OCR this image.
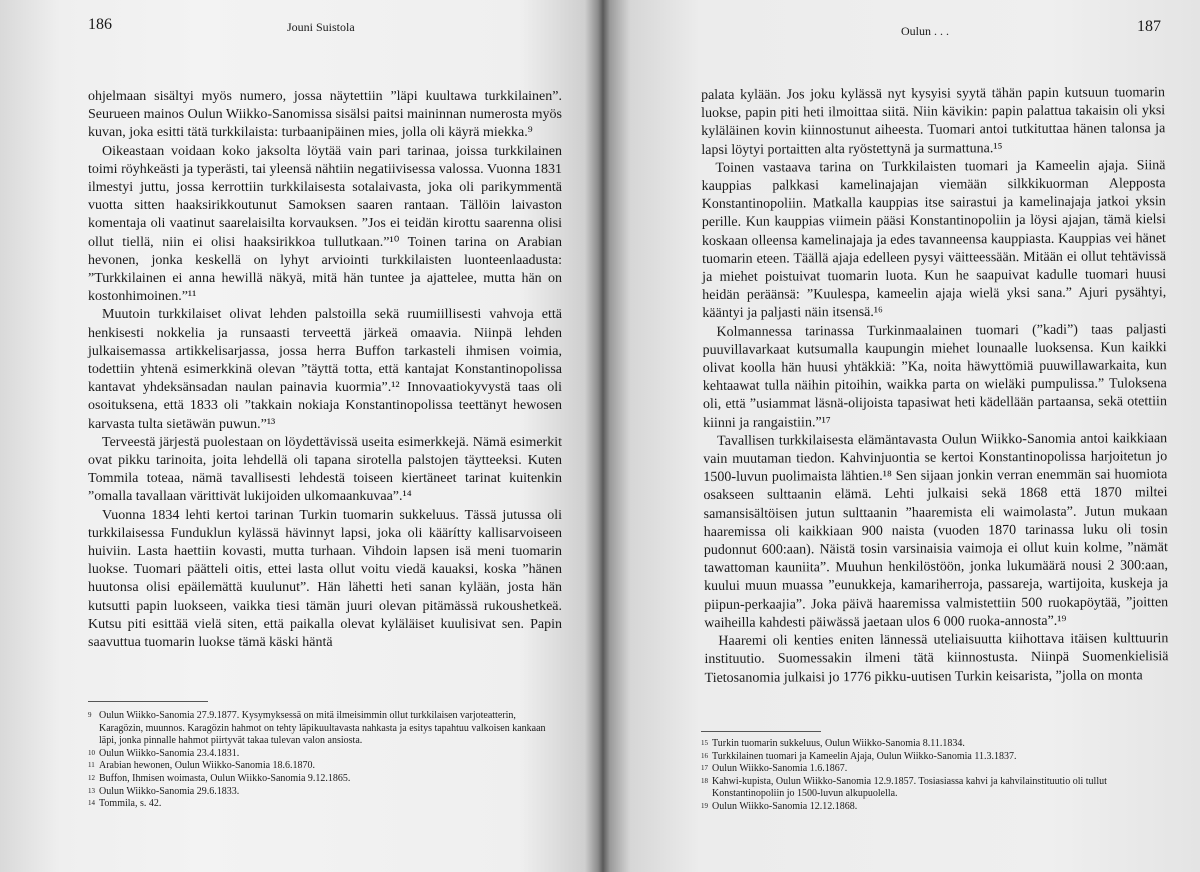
186	Jouni Suistola

ohjelmaan sisältyi myös numero, jossa näytettiin ”läpi kuultawa turkkilainen”. Seurueen mainos Oulun Wiikko-Sanomissa sisälsi paitsi maininnan numerosta myös kuvan, joka esitti tätä turkkilaista: turbaanipäinen mies, jolla oli käyrä miekka.⁹

Oikeastaan voidaan koko jaksolta löytää vain pari tarinaa, joissa turkkilainen toimi röyhkeästi ja typerästi, tai yleensä nähtiin negatiivisessa valossa. Vuonna 1831 ilmestyi juttu, jossa kerrottiin turkkilaisesta sotalaivasta, joka oli parikymmentä vuotta sitten haaksirikkoutunut Samoksen saaren rantaan. Tällöin laivaston komentaja oli vaatinut saarelaisilta korvauksen. ”Jos ei teidän kirottu saarenna olisi ollut tiellä, niin ei olisi haaksirikkoa tullutkaan.”¹⁰ Toinen tarina on Arabian hevonen, jonka keskellä on lyhyt arviointi turkkilaisten luonteenlaadusta: ”Turkkilainen ei anna hewillä näkyä, mitä hän tuntee ja ajattelee, mutta hän on kostonhimoinen.”¹¹

Muutoin turkkilaiset olivat lehden palstoilla sekä ruumiillisesti vahvoja että henkisesti nokkelia ja runsaasti terveettä järkeä omaavia. Niinpä lehden julkaisemassa artikkelisarjassa, jossa herra Buffon tarkasteli ihmisen voimia, todettiin yhtenä esimerkkinä olevan ”täyttä totta, että kantajat Konstantinopolissa kantavat yhdeksänsadan naulan painavia kuormia”.¹² Innovaatiokyvystä taas oli osoituksena, että 1833 oli ”takkain nokiaja Konstantinopolissa teettänyt hewosen karvasta tulta sietäwän puwun.”¹³

Terveestä järjestä puolestaan on löydettävissä useita esimerkkejä. Nämä esimerkit ovat pikku tarinoita, joita lehdellä oli tapana sirotella palstojen täytteeksi. Kuten Tommila toteaa, nämä tavallisesti lehdestä toiseen kiertäneet tarinat kuitenkin ”omalla tavallaan värittivät lukijoiden ulkomaankuvaa”.¹⁴

Vuonna 1834 lehti kertoi tarinan Turkin tuomarin sukkeluus. Tässä jutussa oli turkkilaisessa Funduklun kylässä hävinnyt lapsi, joka oli käärítty kallisarvoiseen huiviin. Lasta haettiin kovasti, mutta turhaan. Vihdoin lapsen isä meni tuomarin luokse. Tuomari päätteli oitis, ettei lasta ollut voitu viedä kauaksi, koska ”hänen huutonsa olisi epäilemättä kuulunut”. Hän lähetti heti sanan kylään, josta hän kutsutti papin luokseen, vaikka tiesi tämän juuri olevan pitämässä rukoushetkeä. Kutsu piti esittää vielä siten, että paikalla olevat kyläläiset kuulisivat sen. Papin saavuttua tuomarin luokse tämä käski häntä

9 Oulun Wiikko-Sanomia 27.9.1877. Kysymyksessä on mitä ilmeisimmin ollut turkkilaisen varjoteatterin, Karagözin, muunnos. Karagözin hahmot on tehty läpikuultavasta nahkasta ja esitys tapahtuu valkoisen kankaan läpi, jonka pinnalle hahmot piirtyvät takaa tulevan valon ansiosta.
10 Oulun Wiikko-Sanomia 23.4.1831.
11 Arabian hewonen, Oulun Wiikko-Sanomia 18.6.1870.
12 Buffon, Ihmisen woimasta, Oulun Wiikko-Sanomia 9.12.1865.
13 Oulun Wiikko-Sanomia 29.6.1833.
14 Tommila, s. 42.
Oulun . . .	187

palata kylään. Jos joku kylässä nyt kysyisi syytä tähän papin kutsuun tuomarin luokse, papin piti heti ilmoittaa siitä. Niin kävikin: papin palattua takaisin oli yksi kyläläinen kovin kiinnostunut aiheesta. Tuomari antoi tutkituttaa hänen talonsa ja lapsi löytyi portaitten alta ryöstettynä ja surmattuna.¹⁵

Toinen vastaava tarina on Turkkilaisten tuomari ja Kameelin ajaja. Siinä kauppias palkkasi kamelinajajan viemään silkkikuorman Alepposta Konstantinopoliin. Matkalla kauppias itse sairastui ja kamelinajaja jatkoi yksin perille. Kun kauppias viimein pääsi Konstantinopoliin ja löysi ajajan, tämä kielsi koskaan olleensa kamelinajaja ja edes tavanneensa kauppiasta. Kauppias vei hänet tuomarin eteen. Täällä ajaja edelleen pysyi väitteessään. Mitään ei ollut tehtävissä ja miehet poistuivat tuomarin luota. Kun he saapuivat kadulle tuomari huusi heidän peräänsä: ”Kuulespa, kameelin ajaja wielä yksi sana.” Ajuri pysähtyi, kääntyi ja paljasti näin itsensä.¹⁶

Kolmannessa tarinassa Turkinmaalainen tuomari (”kadi”) taas paljasti puuvillavarkaat kutsumalla kaupungin miehet lounaalle luoksensa. Kun kaikki olivat koolla hän huusi yhtäkkiä: ”Ka, noita häwyttömiä puuwillawarkaita, kun kehtaawat tulla näihin pitoihin, waikka parta on wieläki pumpulissa.” Tuloksena oli, että ”usiammat läsnä-olijoista tapasiwat heti kädellään partaansa, sekä otettiin kiinni ja rangaistiin.”¹⁷

Tavallisen turkkilaisesta elämäntavasta Oulun Wiikko-Sanomia antoi kaikkiaan vain muutaman tiedon. Kahvinjuontia se kertoi Konstantinopolissa harjoitetun jo 1500-luvun puolimaista lähtien.¹⁸ Sen sijaan jonkin verran enemmän sai huomiota osakseen sulttaanin elämä. Lehti julkaisi sekä 1868 että 1870 miltei samansisältöisen jutun sulttaanin ”haaremista eli waimolasta”. Jutun mukaan haaremissa oli kaikkiaan 900 naista (vuoden 1870 tarinassa luku oli tosin pudonnut 600:aan). Näistä tosin varsinaisia vaimoja ei ollut kuin kolme, ”nämät tawattoman kauniita”. Muuhun henkilöstöön, jonka lukumäärä nousi 2 300:aan, kuului muun muassa ”eunukkeja, kamariherroja, passareja, wartijoita, kuskeja ja piipun-perkaajia”. Joka päivä haaremissa valmistettiin 500 ruokapöytää, ”joitten waiheilla kahdesti päiwässä jaetaan ulos 6 000 ruoka-annosta”.¹⁹

Haaremi oli kenties eniten lännessä uteliaisuutta kiihottava itäisen kulttuurin instituutio. Suomessakin ilmeni tätä kiinnostusta. Niinpä Suomenkielisiä Tietosanomia julkaisi jo 1776 pikku-uutisen Turkin keisarista, ”jolla on monta

15 Turkin tuomarin sukkeluus, Oulun Wiikko-Sanomia 8.11.1834.
16 Turkkilainen tuomari ja Kameelin Ajaja, Oulun Wiikko-Sanomia 11.3.1837.
17 Oulun Wiikko-Sanomia 1.6.1867.
18 Kahwi-kupista, Oulun Wiikko-Sanomia 12.9.1857. Tosiasiassa kahvi ja kahvilainstituutio oli tullut Konstantinopoliin jo 1500-luvun alkupuolella.
19 Oulun Wiikko-Sanomia 12.12.1868.
